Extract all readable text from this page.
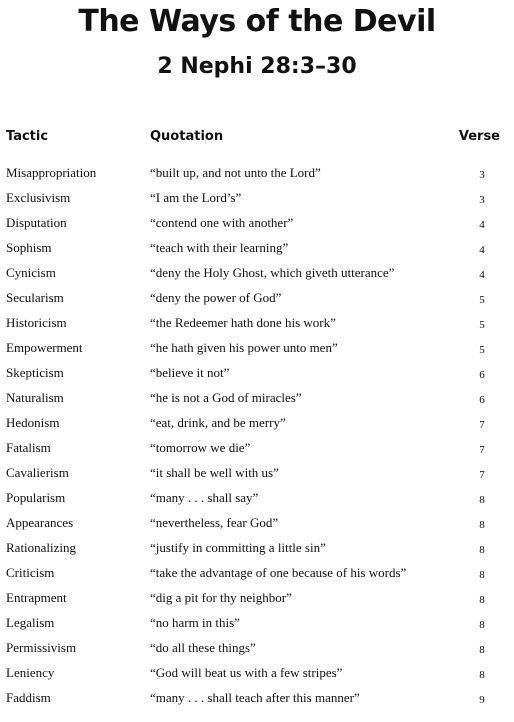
The Ways of the Devil
2 Nephi 28:3–30
Tactic	Quotation	Verse
Misappropriation	“built up, and not unto the Lord”	3
Exclusivism	“I am the Lord’s”	3
Disputation	“contend one with another”	4
Sophism	“teach with their learning”	4
Cynicism	“deny the Holy Ghost, which giveth utterance”	4
Secularism	“deny the power of God”	5
Historicism	“the Redeemer hath done his work”	5
Empowerment	“he hath given his power unto men”	5
Skepticism	“believe it not”	6
Naturalism	“he is not a God of miracles”	6
Hedonism	“eat, drink, and be merry”	7
Fatalism	“tomorrow we die”	7
Cavalierism	“it shall be well with us”	7
Popularism	“many . . . shall say”	8
Appearances	“nevertheless, fear God”	8
Rationalizing	“justify in committing a little sin”	8
Criticism	“take the advantage of one because of his words”	8
Entrapment	“dig a pit for thy neighbor”	8
Legalism	“no harm in this”	8
Permissivism	“do all these things”	8
Leniency	“God will beat us with a few stripes”	8
Faddism	“many . . . shall teach after this manner”	9
